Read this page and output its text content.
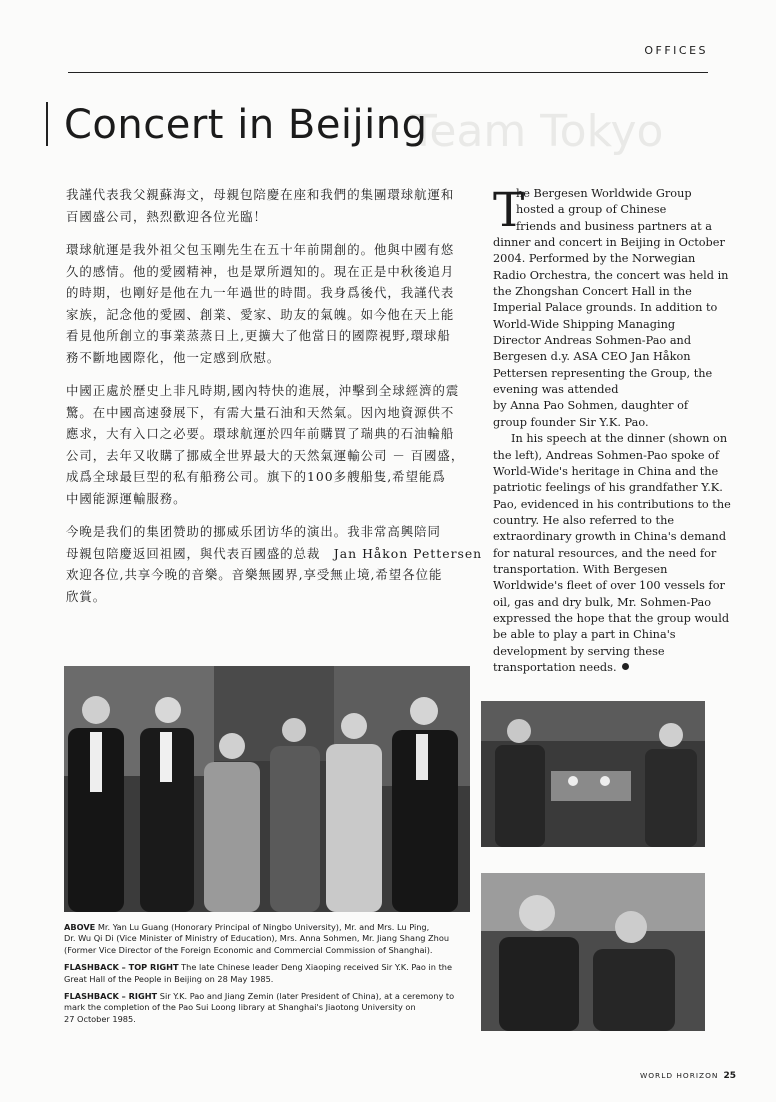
OFFICES
Team Tokyo
Concert in Beijing

我謹代表我父親蘇海文，母親包陪慶在座和我們的集團環球航運和
百國盛公司，熱烈歡迎各位光臨！

環球航運是我外祖父包玉剛先生在五十年前開創的。他與中國有悠
久的感情。他的愛國精神，也是眾所週知的。現在正是中秋後追月
的時期，也剛好是他在九一年過世的時間。我身爲後代，我謹代表
家族，記念他的愛國、創業、愛家、助友的氣魄。如今他在天上能
看見他所創立的事業蒸蒸日上,更擴大了他當日的國際視野,環球船
務不斷地國際化，他一定感到欣慰。

中國正處於歷史上非凡時期,國內特快的進展，沖擊到全球經濟的震
驚。在中國高速發展下，有需大量石油和天然氣。因內地資源供不
應求，大有入口之必要。環球航運於四年前購買了瑞典的石油輪船
公司，去年又收購了挪威全世界最大的天然氣運輸公司 － 百國盛，
成爲全球最巨型的私有船務公司。旗下的100多艘船隻,希望能爲
中國能源運輸服務。

今晚是我们的集团赞助的挪威乐团访华的演出。我非常高興陪同
母親包陪慶返回祖國，與代表百國盛的总裁　Jan Håkon Pettersen
欢迎各位,共享今晚的音樂。音樂無國界,享受無止境,希望各位能
欣賞。

T

he Bergesen Worldwide Group
hosted a group of Chinese
friends and business partners at a
dinner and concert in Beijing in October
2004. Performed by the Norwegian
Radio Orchestra, the concert was held in
the Zhongshan Concert Hall in the
Imperial Palace grounds. In addition to
World-Wide Shipping Managing
Director Andreas Sohmen-Pao and
Bergesen d.y. ASA CEO Jan Håkon
Pettersen representing the Group, the
evening was attended
by Anna Pao Sohmen, daughter of
group founder Sir Y.K. Pao.

In his speech at the dinner (shown on
the left), Andreas Sohmen-Pao spoke of
World-Wide's heritage in China and the
patriotic feelings of his grandfather Y.K.
Pao, evidenced in his contributions to the
country. He also referred to the
extraordinary growth in China's demand
for natural resources, and the need for
transportation. With Bergesen
Worldwide's fleet of over 100 vessels for
oil, gas and dry bulk, Mr. Sohmen-Pao
expressed the hope that the group would
be able to play a part in China's
development by serving these
transportation needs.

ABOVE Mr. Yan Lu Guang (Honorary Principal of Ningbo University), Mr. and Mrs. Lu Ping,
Dr. Wu Qi Di (Vice Minister of Ministry of Education), Mrs. Anna Sohmen, Mr. Jiang Shang Zhou
(Former Vice Director of the Foreign Economic and Commercial Commission of Shanghai).

FLASHBACK – TOP RIGHT The late Chinese leader Deng Xiaoping received Sir Y.K. Pao in the
Great Hall of the People in Beijing on 28 May 1985.

FLASHBACK – RIGHT Sir Y.K. Pao and Jiang Zemin (later President of China), at a ceremony to
mark the completion of the Pao Sui Loong library at Shanghai's Jiaotong University on
27 October 1985.

WORLD HORIZON 25
